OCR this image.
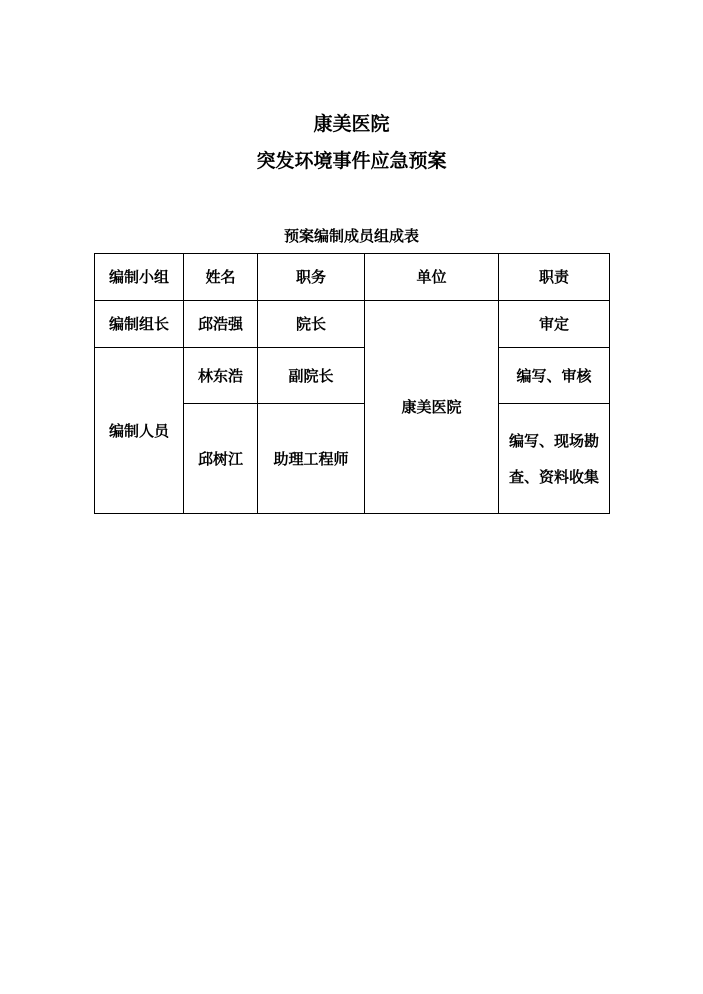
康美医院
突发环境事件应急预案
预案编制成员组成表
编制小组	姓名	职务	单位	职责
编制组长	邱浩强	院长	康美医院	审定
编制人员	林东浩	副院长		编写、审核
	邱树江	助理工程师		编写、现场勘查、资料收集
